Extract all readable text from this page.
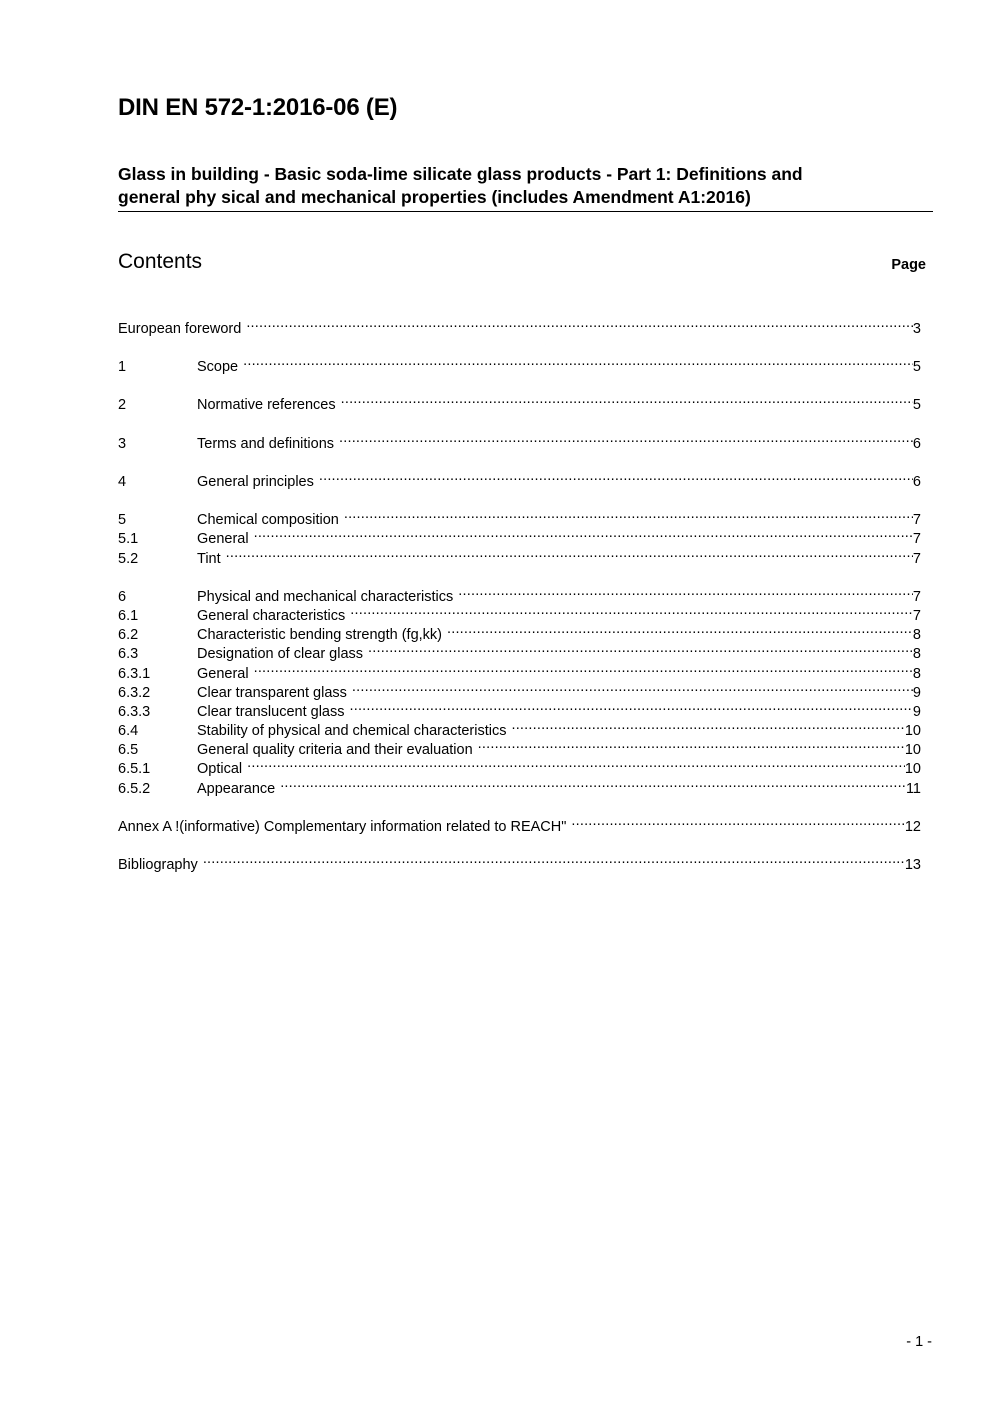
DIN EN 572-1:2016-06 (E)
Glass in building - Basic soda-lime silicate glass products - Part 1: Definitions and
general phy sical and mechanical properties (includes Amendment A1:2016)
Contents	Page
European foreword .....	3
1	Scope .....	5
2	Normative references .....	5
3	Terms and definitions .....	6
4	General principles .....	6
5	Chemical composition .....	7
5.1	General .....	7
5.2	Tint .....	7
6	Physical and mechanical characteristics .....	7
6.1	General characteristics .....	7
6.2	Characteristic bending strength (fg,kk) .....	8
6.3	Designation of clear glass .....	8
6.3.1	General .....	8
6.3.2	Clear transparent glass .....	9
6.3.3	Clear translucent glass .....	9
6.4	Stability of physical and chemical characteristics .....	10
6.5	General quality criteria and their evaluation .....	10
6.5.1	Optical .....	10
6.5.2	Appearance .....	11
Annex A !(informative) Complementary information related to REACH" .....	12
Bibliography .....	13
- 1 -
